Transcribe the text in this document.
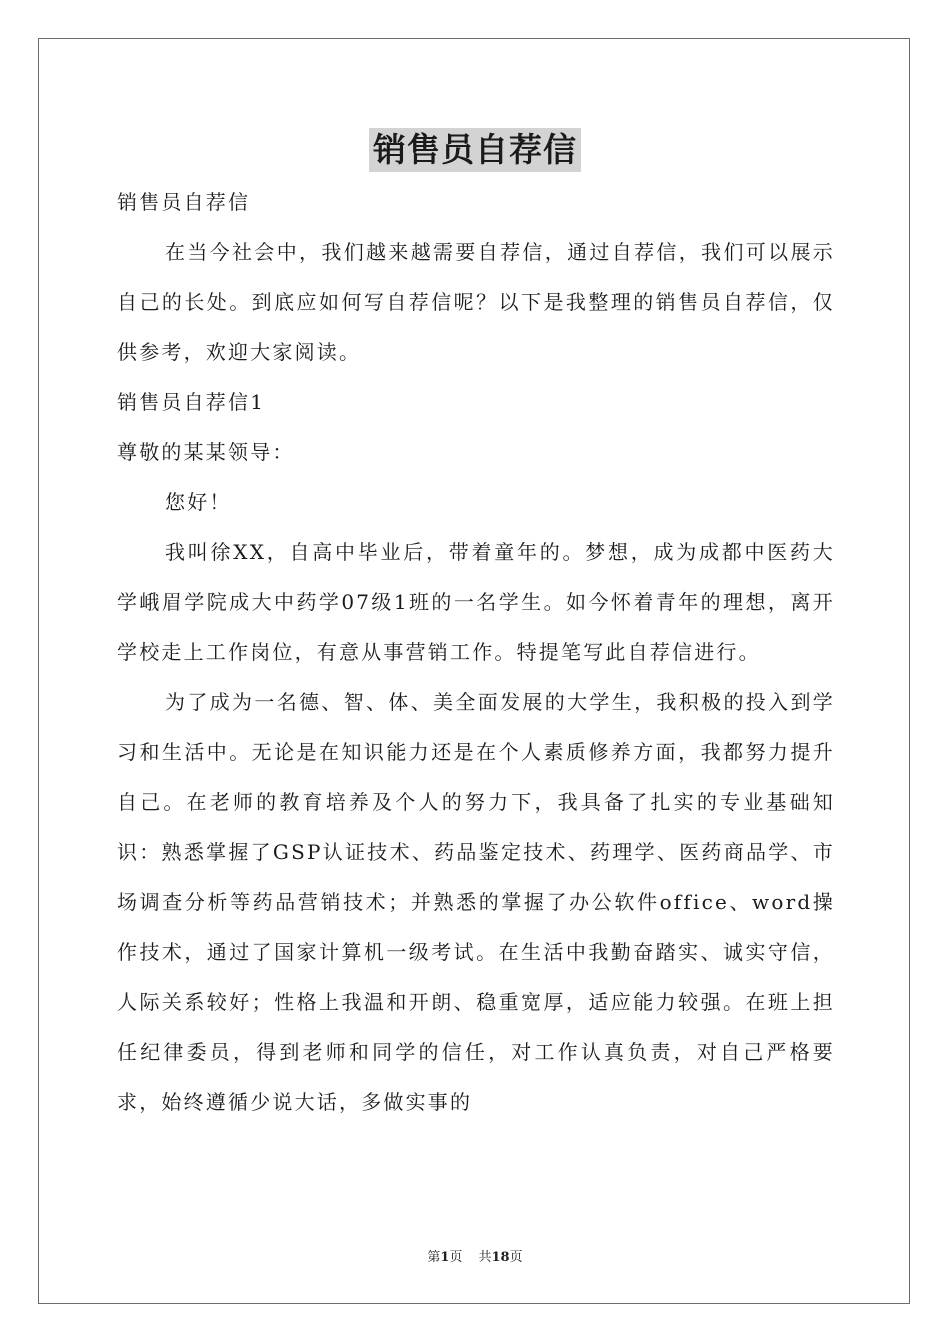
销售员自荐信
销售员自荐信
在当今社会中，我们越来越需要自荐信，通过自荐信，我们可以展示自己的长处。到底应如何写自荐信呢？以下是我整理的销售员自荐信，仅供参考，欢迎大家阅读。
销售员自荐信1
尊敬的某某领导：
您好！
我叫徐XX，自高中毕业后，带着童年的。梦想，成为成都中医药大学峨眉学院成大中药学07级1班的一名学生。如今怀着青年的理想，离开学校走上工作岗位，有意从事营销工作。特提笔写此自荐信进行。
为了成为一名德、智、体、美全面发展的大学生，我积极的投入到学习和生活中。无论是在知识能力还是在个人素质修养方面，我都努力提升自己。在老师的教育培养及个人的努力下，我具备了扎实的专业基础知识：熟悉掌握了GSP认证技术、药品鉴定技术、药理学、医药商品学、市场调查分析等药品营销技术；并熟悉的掌握了办公软件office、word操作技术，通过了国家计算机一级考试。在生活中我勤奋踏实、诚实守信，人际关系较好；性格上我温和开朗、稳重宽厚，适应能力较强。在班上担任纪律委员，得到老师和同学的信任，对工作认真负责，对自己严格要求，始终遵循少说大话，多做实事的
第1页 共18页
